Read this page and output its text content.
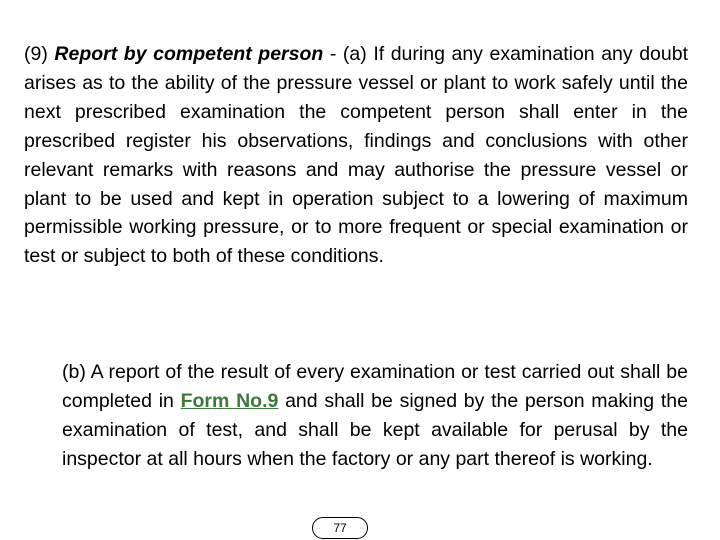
(9) Report by competent person - (a) If during any examination any doubt arises as to the ability of the pressure vessel or plant to work safely until the next prescribed examination the competent person shall enter in the prescribed register his observations, findings and conclusions with other relevant remarks with reasons and may authorise the pressure vessel or plant to be used and kept in operation subject to a lowering of maximum permissible working pressure, or to more frequent or special examination or test or subject to both of these conditions.

(b) A report of the result of every examination or test carried out shall be completed in Form No.9 and shall be signed by the person making the examination of test, and shall be kept available for perusal by the inspector at all hours when the factory or any part thereof is working.

77
